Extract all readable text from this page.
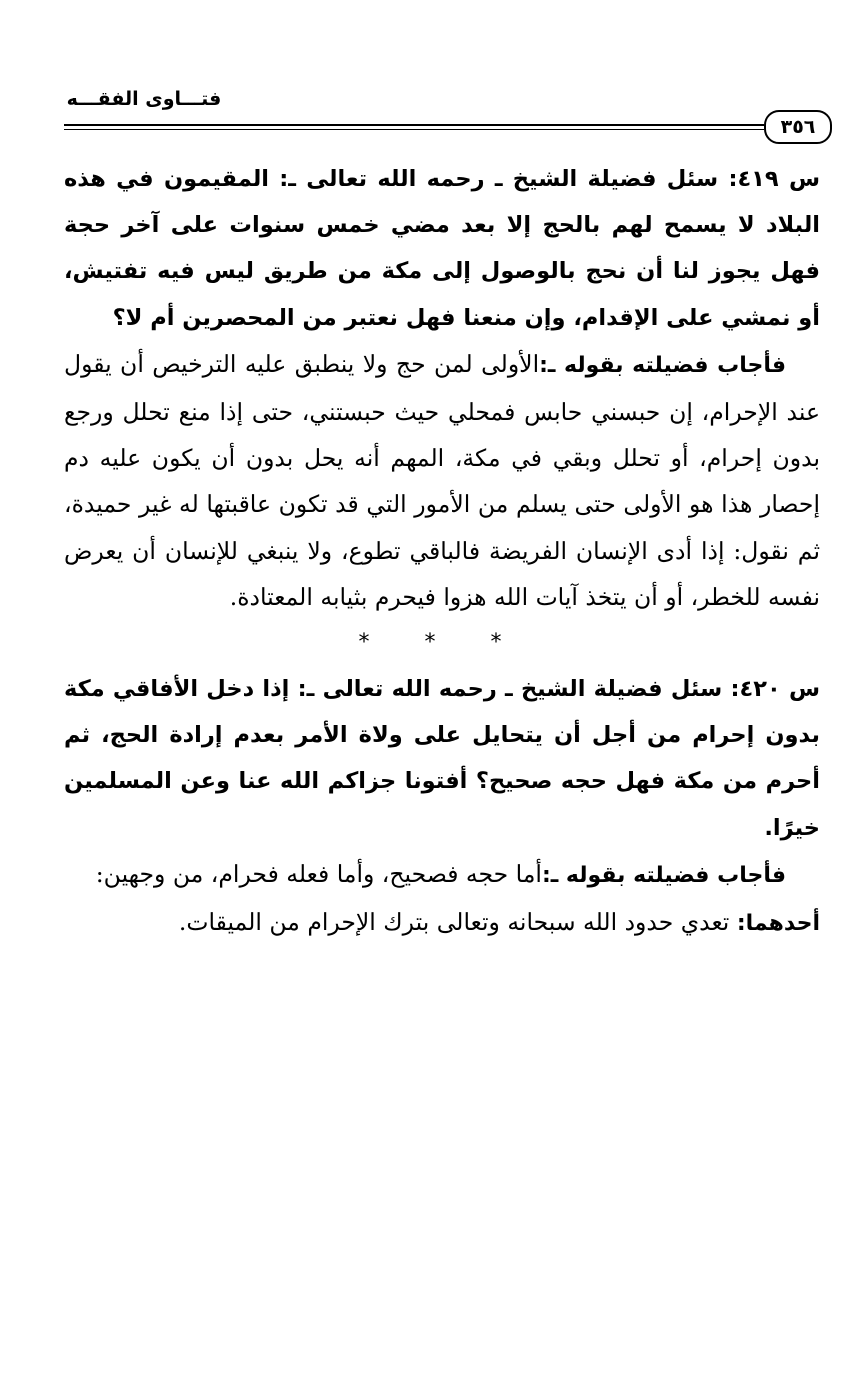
فتـــاوى الفقـــه
٣٥٦

س ٤١٩: سئل فضيلة الشيخ ـ رحمه الله تعالى ـ: المقيمون في هذه البلاد لا يسمح لهم بالحج إلا بعد مضي خمس سنوات على آخر حجة فهل يجوز لنا أن نحج بالوصول إلى مكة من طريق ليس فيه تفتيش، أو نمشي على الإقدام، وإن منعنا فهل نعتبر من المحصرين أم لا؟

فأجاب فضيلته بقوله ـ:الأولى لمن حج ولا ينطبق عليه الترخيص أن يقول عند الإحرام، إن حبسني حابس فمحلي حيث حبستني، حتى إذا منع تحلل ورجع بدون إحرام، أو تحلل وبقي في مكة، المهم أنه يحل بدون أن يكون عليه دم إحصار هذا هو الأولى حتى يسلم من الأمور التي قد تكون عاقبتها له غير حميدة، ثم نقول: إذا أدى الإنسان الفريضة فالباقي تطوع، ولا ينبغي للإنسان أن يعرض نفسه للخطر، أو أن يتخذ آيات الله هزوا فيحرم بثيابه المعتادة.

* * *

س ٤٢٠: سئل فضيلة الشيخ ـ رحمه الله تعالى ـ: إذا دخل الأفاقي مكة بدون إحرام من أجل أن يتحايل على ولاة الأمر بعدم إرادة الحج، ثم أحرم من مكة فهل حجه صحيح؟ أفتونا جزاكم الله عنا وعن المسلمين خيرًا.

فأجاب فضيلته بقوله ـ:أما حجه فصحيح، وأما فعله فحرام، من وجهين:

أحدهما: تعدي حدود الله سبحانه وتعالى بترك الإحرام من الميقات.
